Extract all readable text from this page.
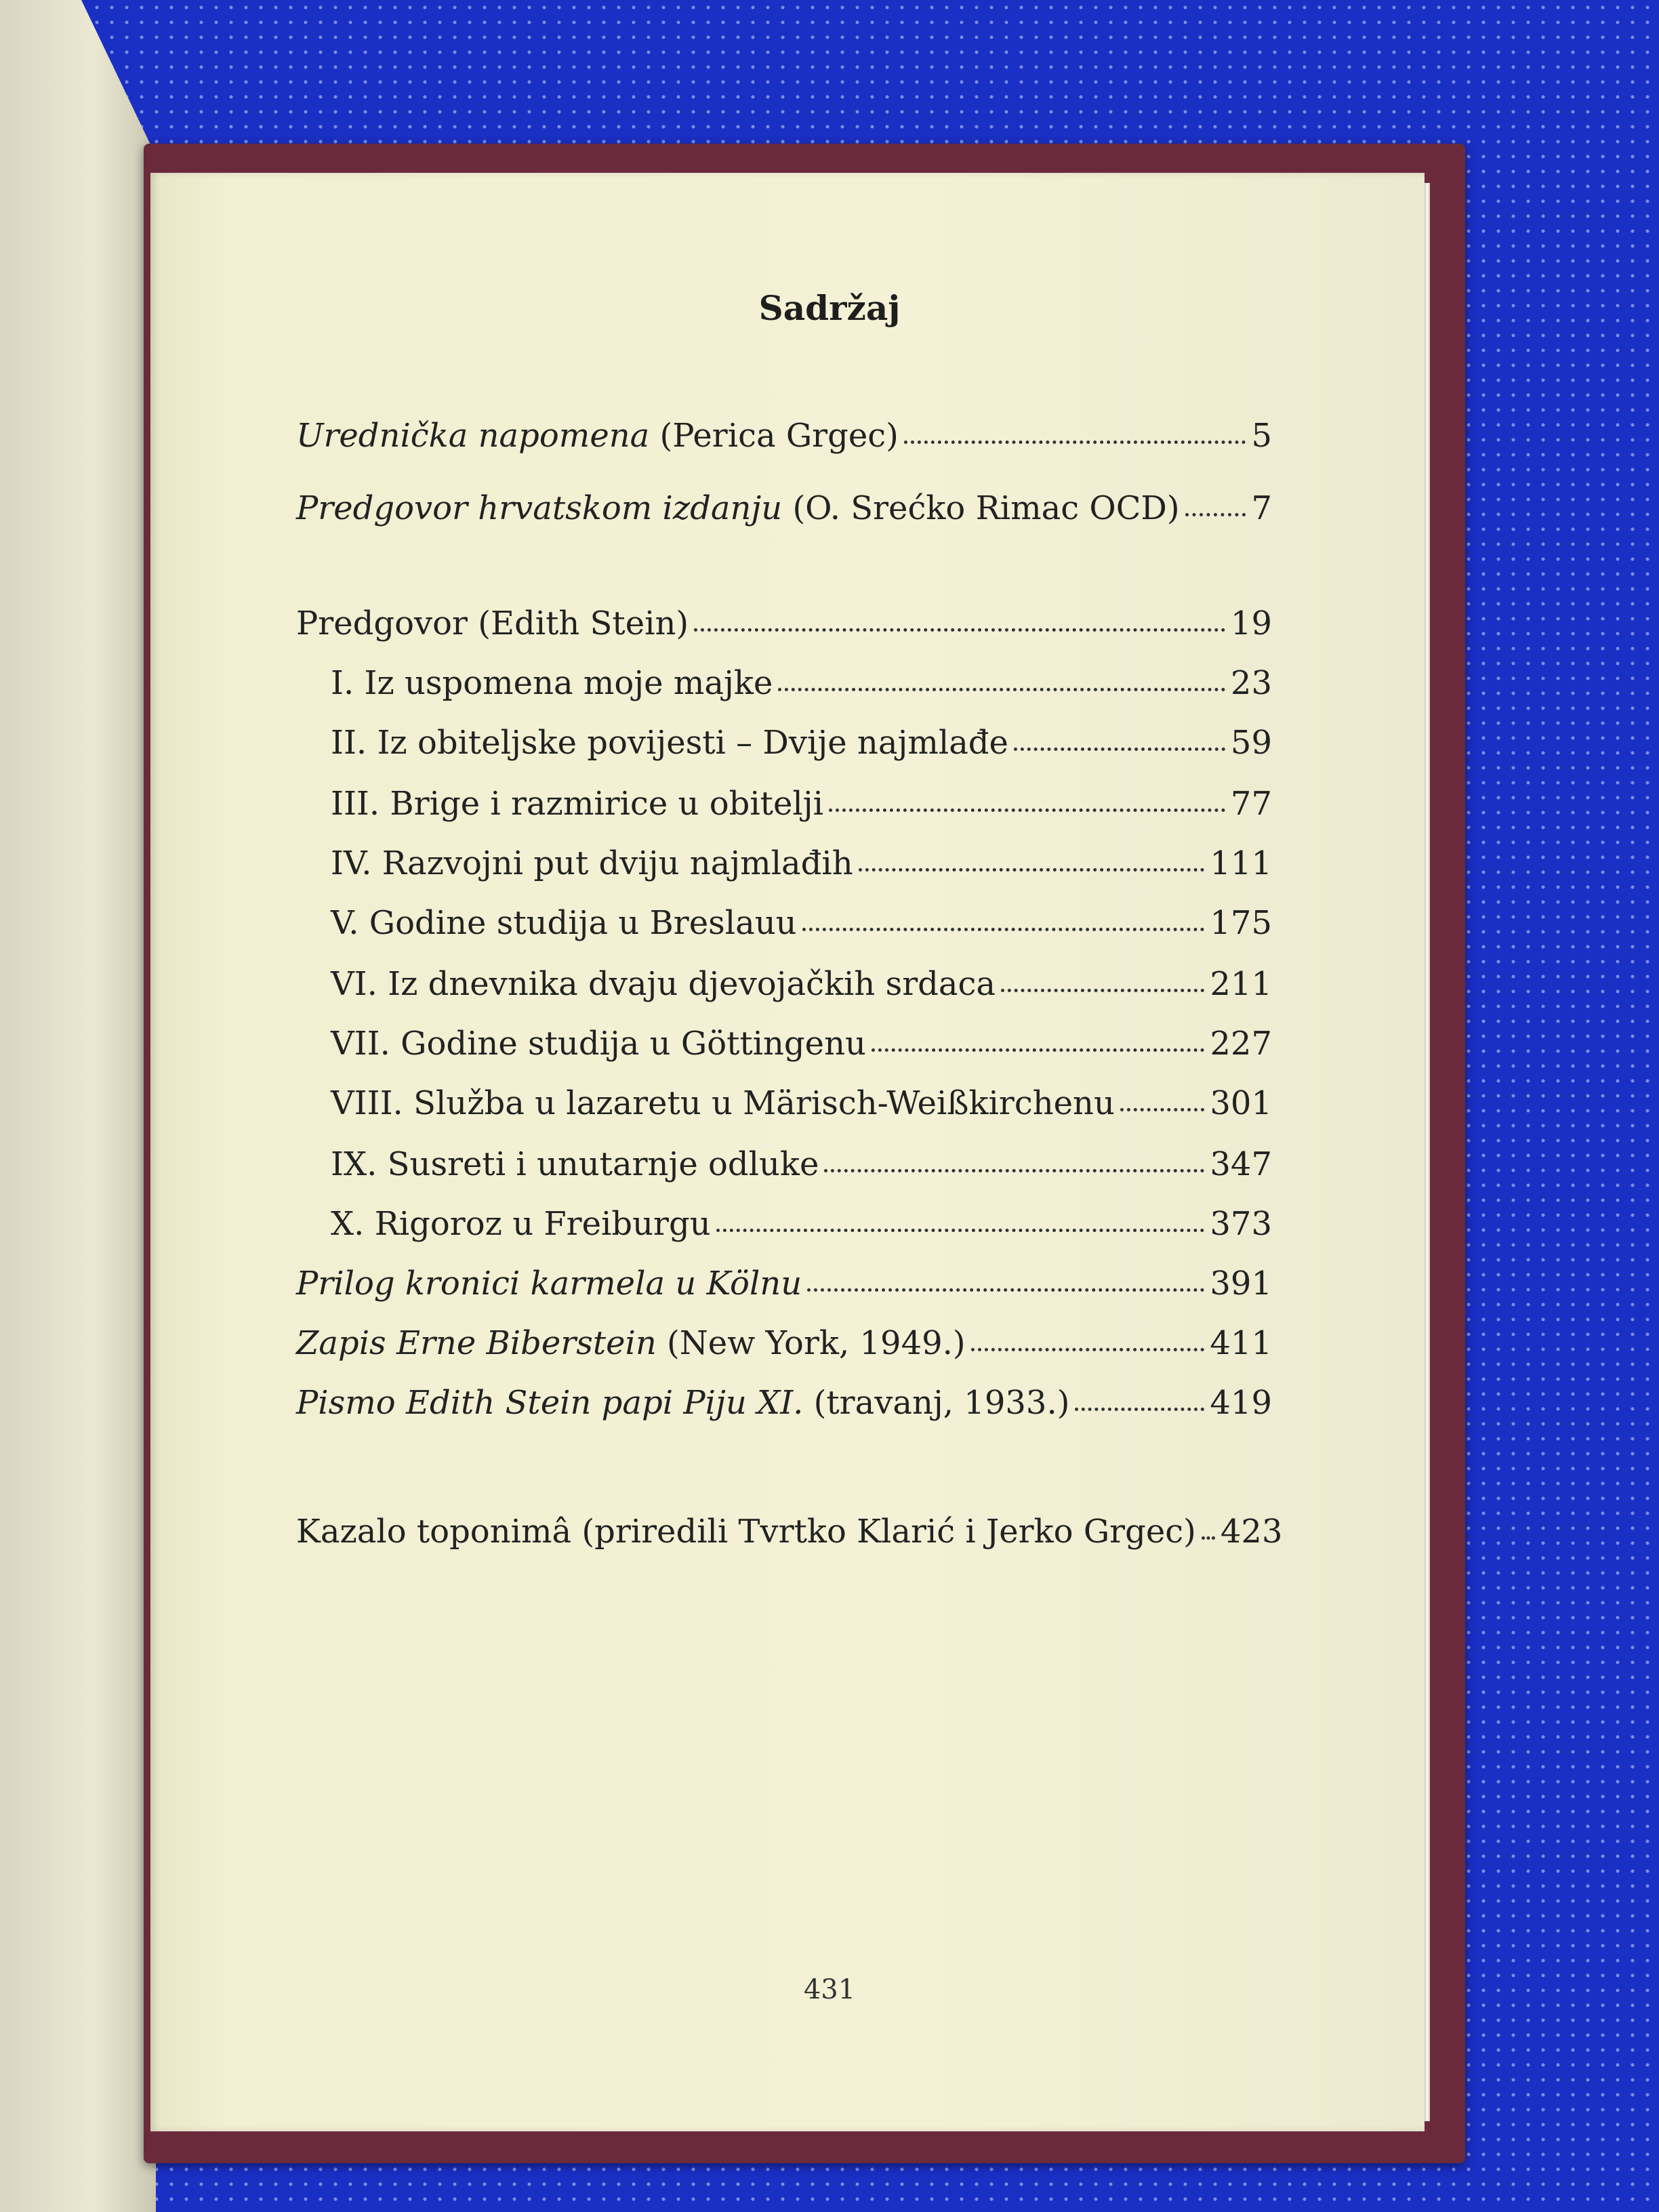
Sadržaj
Urednička napomena (Perica Grgec)	5
Predgovor hrvatskom izdanju (O. Srećko Rimac OCD) 7
Predgovor (Edith Stein)	19
I. Iz uspomena moje majke	23
II. Iz obiteljske povijesti – Dvije najmlađe	59
III. Brige i razmirice u obitelji	77
IV. Razvojni put dviju najmlađih	111
V. Godine studija u Breslauu	175
VI. Iz dnevnika dvaju djevojačkih srdaca	211
VII. Godine studija u Göttingenu	227
VIII. Služba u lazaretu u Märisch-Weißkirchenu	301
IX. Susreti i unutarnje odluke	347
X. Rigoroz u Freiburgu	373
Prilog kronici karmela u Kölnu	391
Zapis Erne Biberstein (New York, 1949.)	411
Pismo Edith Stein papi Piju XI. (travanj, 1933.)	419
Kazalo toponimâ (priredili Tvrtko Klarić i Jerko Grgec) 423
431
